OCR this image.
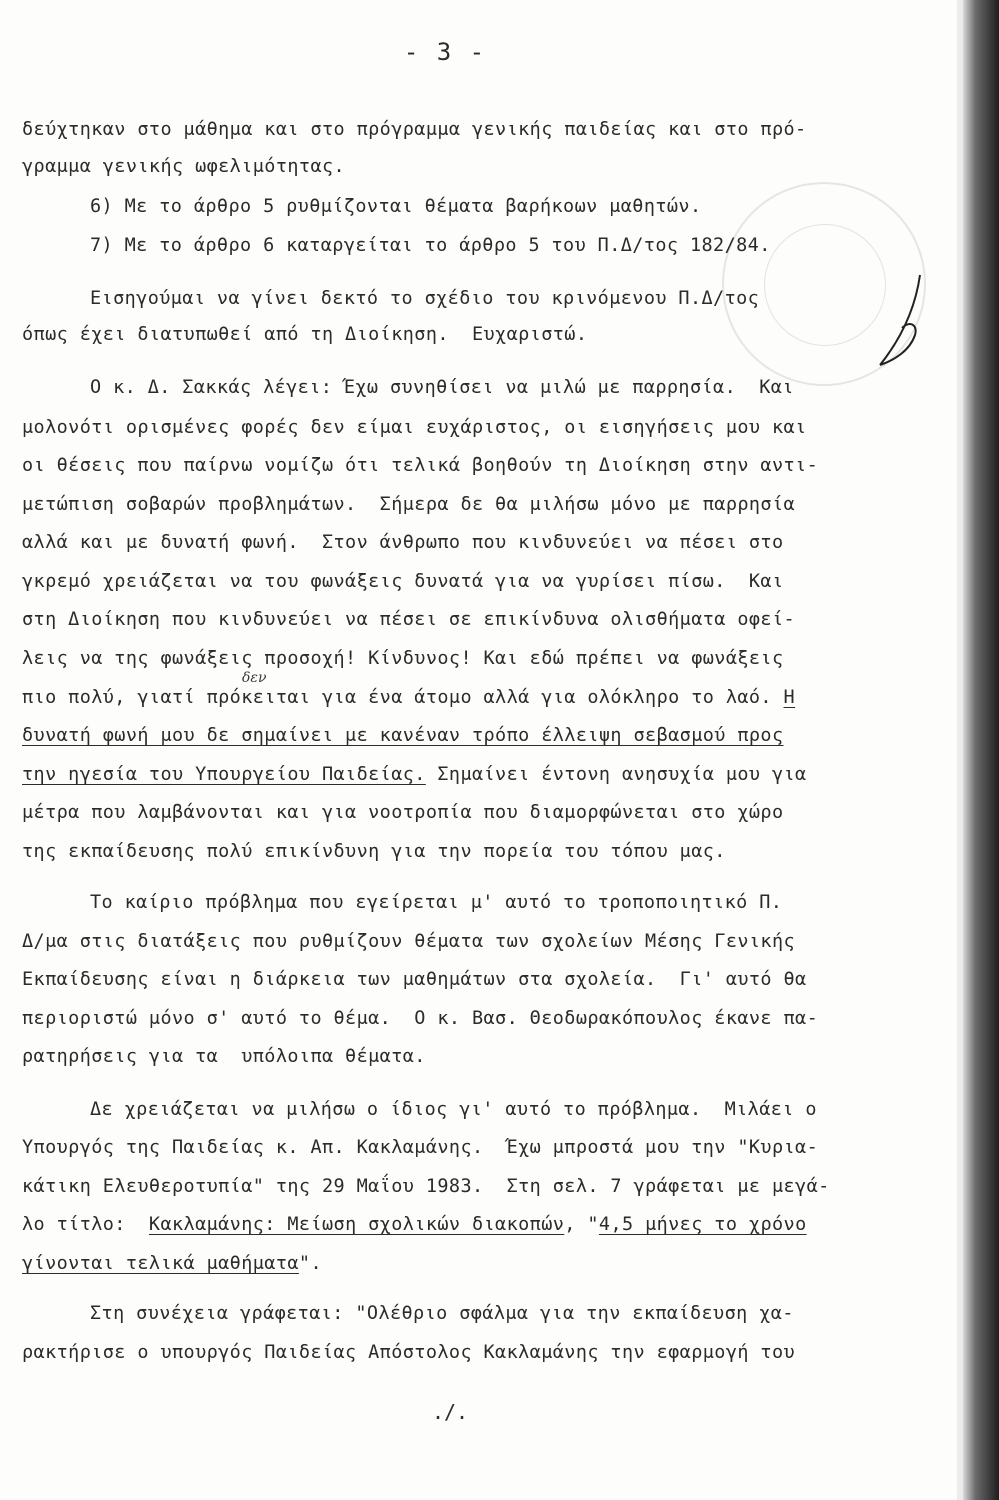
- 3 -
δεύχτηκαν στο μάθημα και στο πρόγραμμα γενικής παιδείας και στο πρό-
γραμμα γενικής ωφελιμότητας.
6) Με το άρθρο 5 ρυθμίζονται θέματα βαρήκοων μαθητών.
7) Με το άρθρο 6 καταργείται το άρθρο 5 του Π.Δ/τος 182/84.
Εισηγούμαι να γίνει δεκτό το σχέδιο του κρινόμενου Π.Δ/τος
όπως έχει διατυπωθεί από τη Διοίκηση.  Ευχαριστώ.
Ο κ. Δ. Σακκάς λέγει: Έχω συνηθίσει να μιλώ με παρρησία.  Και
μολονότι ορισμένες φορές δεν είμαι ευχάριστος, οι εισηγήσεις μου και
οι θέσεις που παίρνω νομίζω ότι τελικά βοηθούν τη Διοίκηση στην αντι-
μετώπιση σοβαρών προβλημάτων.  Σήμερα δε θα μιλήσω μόνο με παρρησία
αλλά και με δυνατή φωνή.  Στον άνθρωπο που κινδυνεύει να πέσει στο
γκρεμό χρειάζεται να του φωνάξεις δυνατά για να γυρίσει πίσω.  Και
στη Διοίκηση που κινδυνεύει να πέσει σε επικίνδυνα ολισθήματα οφεί-
λεις να της φωνάξεις προσοχή! Κίνδυνος! Και εδώ πρέπει να φωνάξεις
δεν
πιο πολύ, γιατί πρόκειται για ένα άτομο αλλά για ολόκληρο το λαό. Η
δυνατή φωνή μου δε σημαίνει με κανέναν τρόπο έλλειψη σεβασμού προς
την ηγεσία του Υπουργείου Παιδείας. Σημαίνει έντονη ανησυχία μου για
μέτρα που λαμβάνονται και για νοοτροπία που διαμορφώνεται στο χώρο
της εκπαίδευσης πολύ επικίνδυνη για την πορεία του τόπου μας.
Το καίριο πρόβλημα που εγείρεται μ' αυτό το τροποποιητικό Π.
Δ/μα στις διατάξεις που ρυθμίζουν θέματα των σχολείων Μέσης Γενικής
Εκπαίδευσης είναι η διάρκεια των μαθημάτων στα σχολεία.  Γι' αυτό θα
περιοριστώ μόνο σ' αυτό το θέμα.  Ο κ. Βασ. Θεοδωρακόπουλος έκανε πα-
ρατηρήσεις για τα  υπόλοιπα θέματα.
Δε χρειάζεται να μιλήσω ο ίδιος γι' αυτό το πρόβλημα.  Μιλάει ο
Υπουργός της Παιδείας κ. Απ. Κακλαμάνης.  Έχω μπροστά μου την "Κυρια-
κάτικη Ελευθεροτυπία" της 29 Μαΐου 1983.  Στη σελ. 7 γράφεται με μεγά-
λο τίτλο:  Κακλαμάνης: Μείωση σχολικών διακοπών, "4,5 μήνες το χρόνο
γίνονται τελικά μαθήματα".
Στη συνέχεια γράφεται: "Ολέθριο σφάλμα για την εκπαίδευση χα-
ρακτήρισε ο υπουργός Παιδείας Απόστολος Κακλαμάνης την εφαρμογή του
./.
